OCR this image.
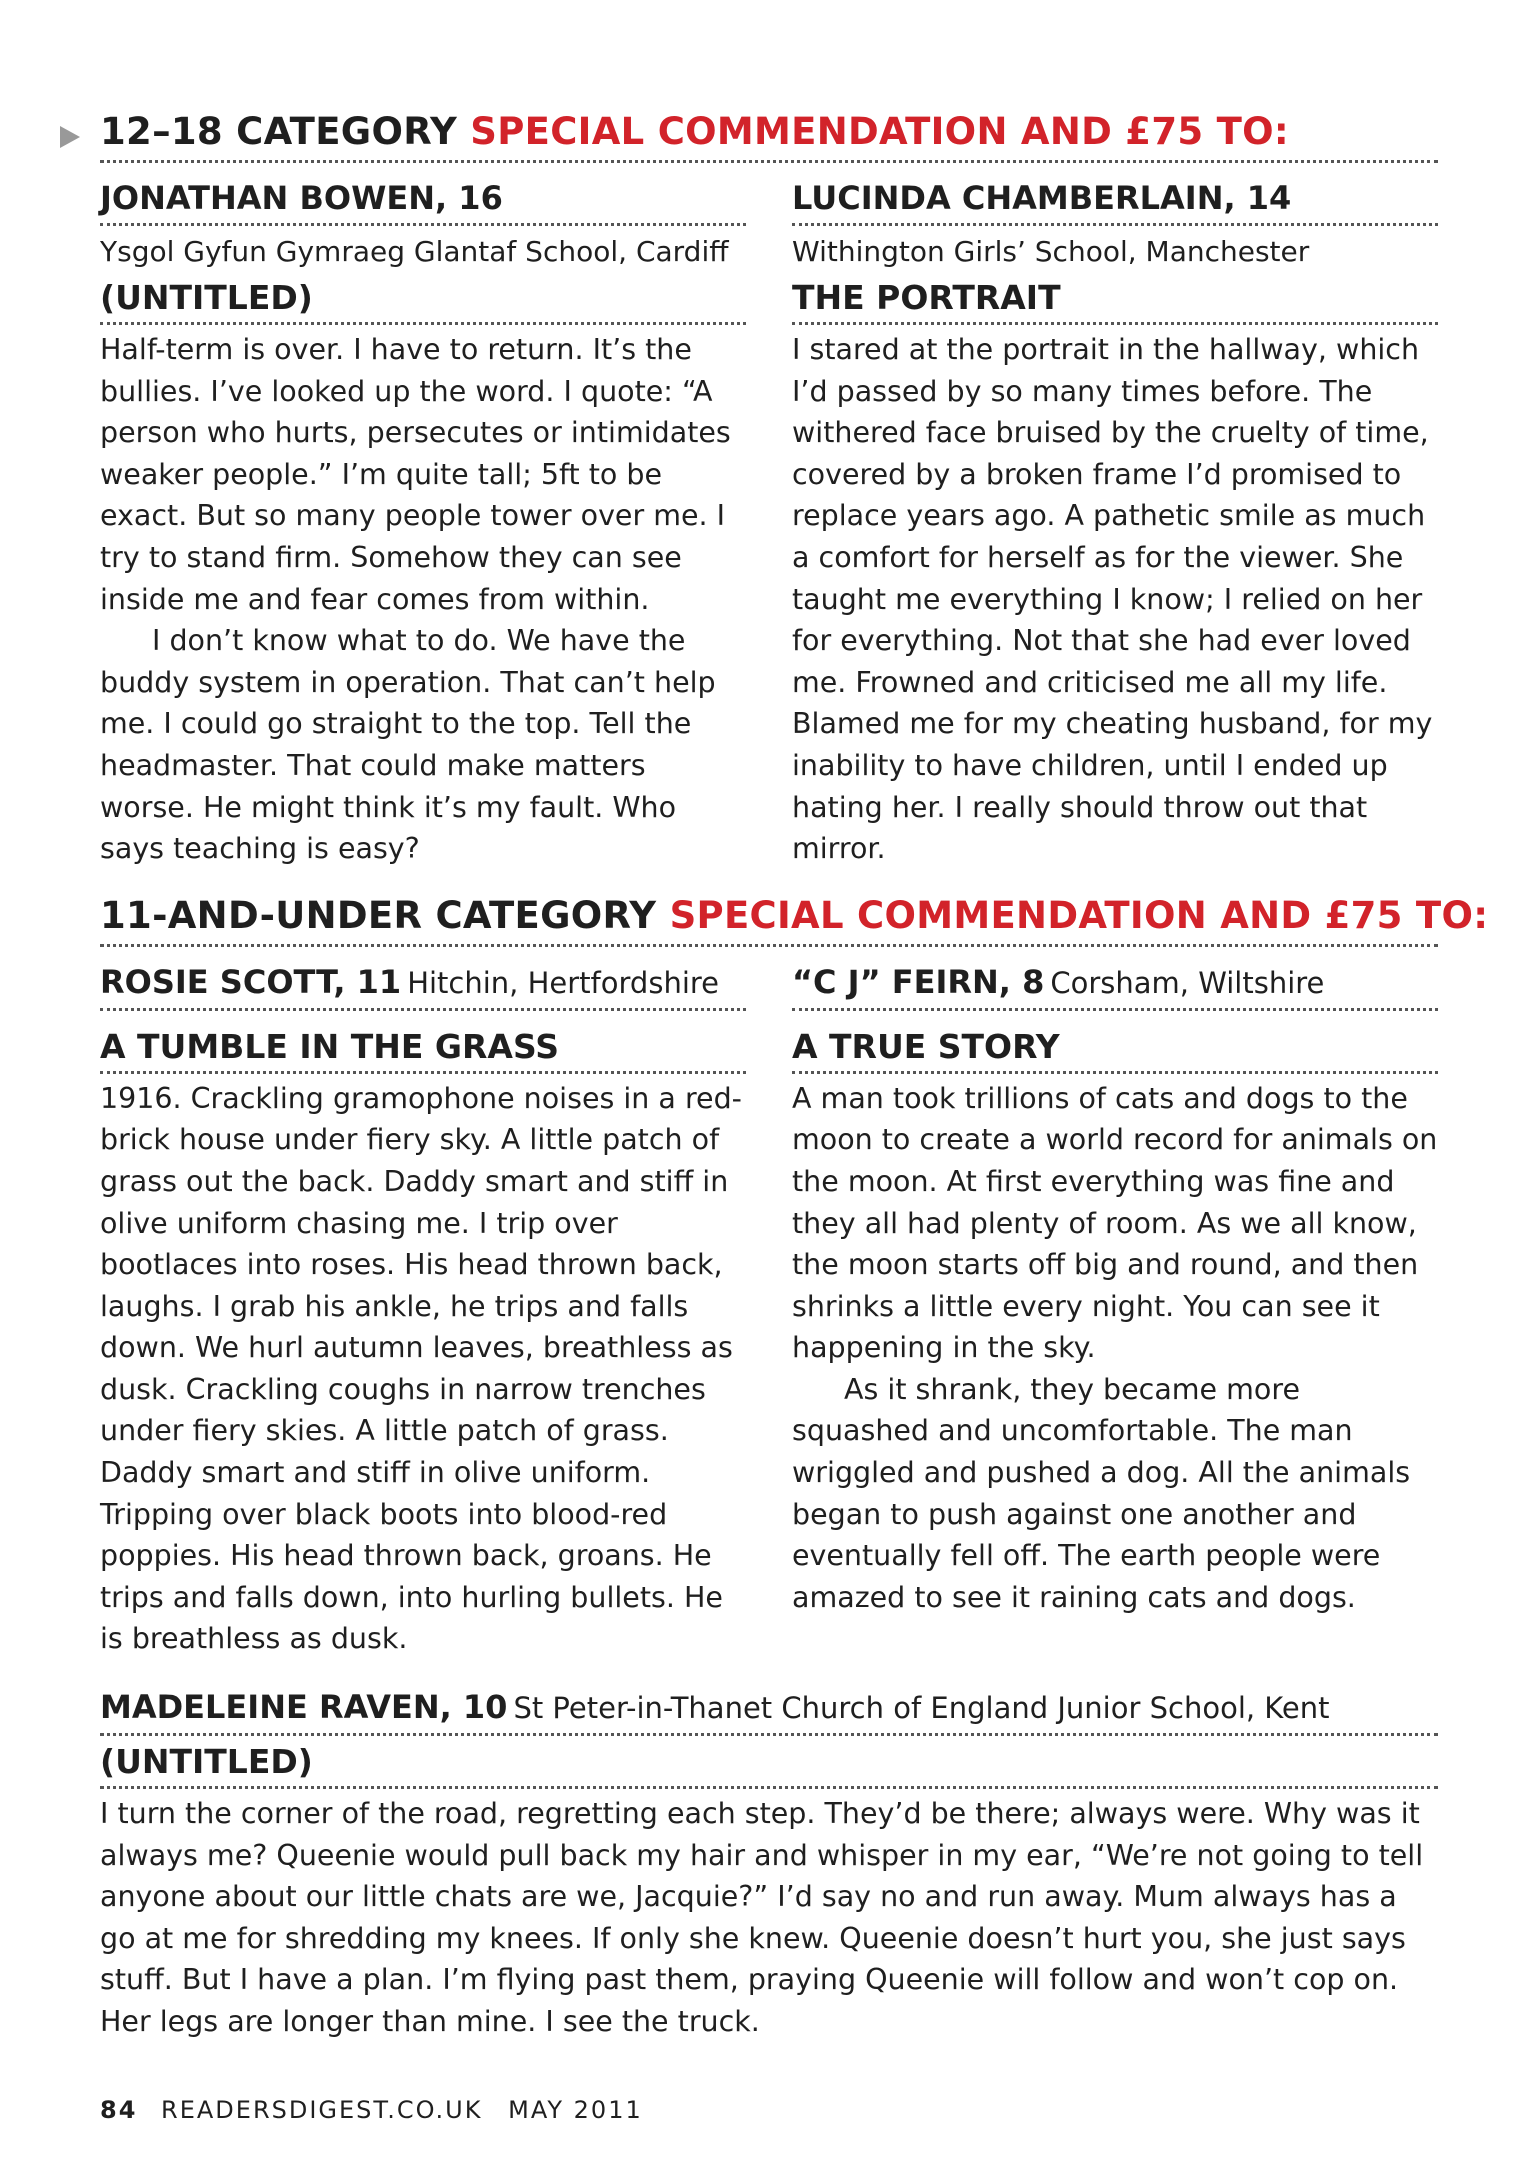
12–18 CATEGORY SPECIAL COMMENDATION AND £75 TO:
JONATHAN BOWEN, 16
Ysgol Gyfun Gymraeg Glantaf School, Cardiff
(UNTITLED)

Half-term is over. I have to return. It’s the bullies. I’ve looked up the word. I quote: “A person who hurts, persecutes or intimidates weaker people.” I’m quite tall; 5ft to be exact. But so many people tower over me. I try to stand firm. Somehow they can see inside me and fear comes from within.

I don’t know what to do. We have the buddy system in operation. That can’t help me. I could go straight to the top. Tell the headmaster. That could make matters worse. He might think it’s my fault. Who says teaching is easy?

LUCINDA CHAMBERLAIN, 14
Withington Girls’ School, Manchester
THE PORTRAIT

I stared at the portrait in the hallway, which I’d passed by so many times before. The withered face bruised by the cruelty of time, covered by a broken frame I’d promised to replace years ago. A pathetic smile as much a comfort for herself as for the viewer. She taught me everything I know; I relied on her for everything. Not that she had ever loved me. Frowned and criticised me all my life. Blamed me for my cheating husband, for my inability to have children, until I ended up hating her. I really should throw out that mirror.

11-AND-UNDER CATEGORY SPECIAL COMMENDATION AND £75 TO:
ROSIE SCOTT, 11 Hitchin, Hertfordshire
A TUMBLE IN THE GRASS

1916. Crackling gramophone noises in a red-brick house under fiery sky. A little patch of grass out the back. Daddy smart and stiff in olive uniform chasing me. I trip over bootlaces into roses. His head thrown back, laughs. I grab his ankle, he trips and falls down. We hurl autumn leaves, breathless as dusk. Crackling coughs in narrow trenches under fiery skies. A little patch of grass. Daddy smart and stiff in olive uniform. Tripping over black boots into blood-red poppies. His head thrown back, groans. He trips and falls down, into hurling bullets. He is breathless as dusk.

“C J” FEIRN, 8 Corsham, Wiltshire
A TRUE STORY

A man took trillions of cats and dogs to the moon to create a world record for animals on the moon. At first everything was fine and they all had plenty of room. As we all know, the moon starts off big and round, and then shrinks a little every night. You can see it happening in the sky.

As it shrank, they became more squashed and uncomfortable. The man wriggled and pushed a dog. All the animals began to push against one another and eventually fell off. The earth people were amazed to see it raining cats and dogs.

MADELEINE RAVEN, 10 St Peter-in-Thanet Church of England Junior School, Kent
(UNTITLED)

I turn the corner of the road, regretting each step. They’d be there; always were. Why was it always me? Queenie would pull back my hair and whisper in my ear, “We’re not going to tell anyone about our little chats are we, Jacquie?” I’d say no and run away. Mum always has a go at me for shredding my knees. If only she knew. Queenie doesn’t hurt you, she just says stuff. But I have a plan. I’m flying past them, praying Queenie will follow and won’t cop on. Her legs are longer than mine. I see the truck.

84 READERSDIGEST.CO.UK MAY 2011
